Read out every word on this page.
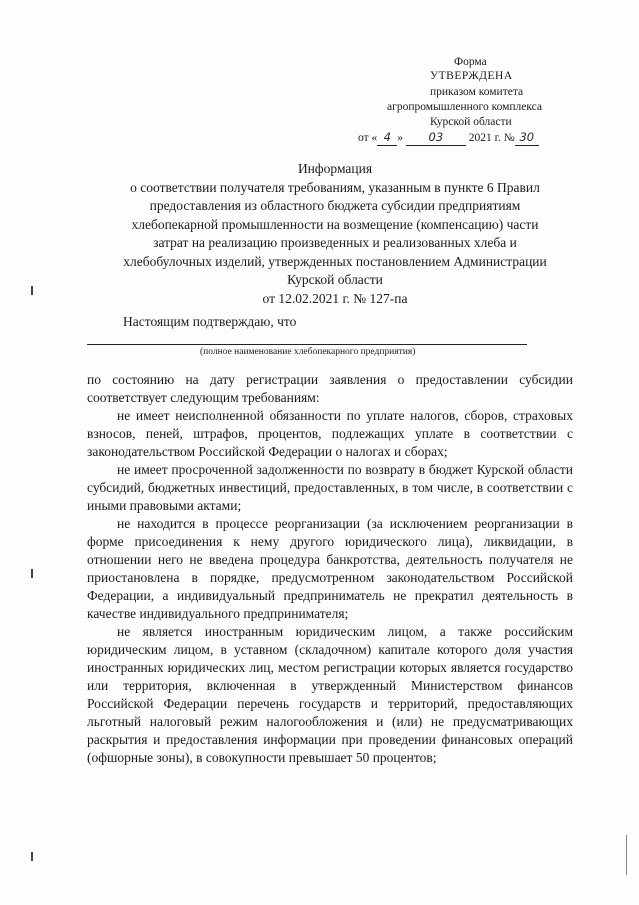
Форма
УТВЕРЖДЕНА
приказом комитета
агропромышленного комплекса
Курской области
от « 4 » 03 2021 г. № 30
Информация
о соответствии получателя требованиям, указанным в пункте 6 Правил
предоставления из областного бюджета субсидии предприятиям
хлебопекарной промышленности на возмещение (компенсацию) части
затрат на реализацию произведенных и реализованных хлеба и
хлебобулочных изделий, утвержденных постановлением Администрации
Курской области
от 12.02.2021 г. № 127-па
Настоящим подтверждаю, что
(полное наименование хлебопекарного предприятия)

по состоянию на дату регистрации заявления о предоставлении субсидии соответствует следующим требованиям:

не имеет неисполненной обязанности по уплате налогов, сборов, страховых взносов, пеней, штрафов, процентов, подлежащих уплате в соответствии с законодательством Российской Федерации о налогах и сборах;

не имеет просроченной задолженности по возврату в бюджет Курской области субсидий, бюджетных инвестиций, предоставленных, в том числе, в соответствии с иными правовыми актами;

не находится в процессе реорганизации (за исключением реорганизации в форме присоединения к нему другого юридического лица), ликвидации, в отношении него не введена процедура банкротства, деятельность получателя не приостановлена в порядке, предусмотренном законодательством Российской Федерации, а индивидуальный предприниматель не прекратил деятельность в качестве индивидуального предпринимателя;

не является иностранным юридическим лицом, а также российским юридическим лицом, в уставном (складочном) капитале которого доля участия иностранных юридических лиц, местом регистрации которых является государство или территория, включенная в утвержденный Министерством финансов Российской Федерации перечень государств и территорий, предоставляющих льготный налоговый режим налогообложения и (или) не предусматривающих раскрытия и предоставления информации при проведении финансовых операций (офшорные зоны), в совокупности превышает 50 процентов;
